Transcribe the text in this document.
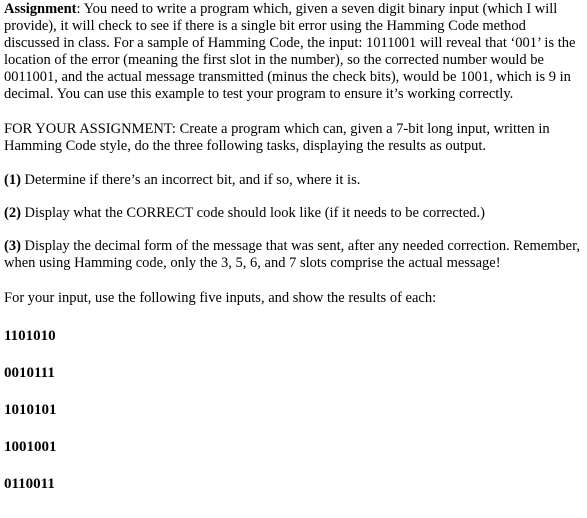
Assignment: You need to write a program which, given a seven digit binary input (which I will provide), it will check to see if there is a single bit error using the Hamming Code method discussed in class. For a sample of Hamming Code, the input: 1011001 will reveal that ‘001’ is the location of the error (meaning the first slot in the number), so the corrected number would be 0011001, and the actual message transmitted (minus the check bits), would be 1001, which is 9 in decimal. You can use this example to test your program to ensure it’s working correctly.

FOR YOUR ASSIGNMENT: Create a program which can, given a 7-bit long input, written in Hamming Code style, do the three following tasks, displaying the results as output.

(1) Determine if there’s an incorrect bit, and if so, where it is.

(2) Display what the CORRECT code should look like (if it needs to be corrected.)

(3) Display the decimal form of the message that was sent, after any needed correction. Remember, when using Hamming code, only the 3, 5, 6, and 7 slots comprise the actual message!

For your input, use the following five inputs, and show the results of each:

1101010

0010111

1010101

1001001

0110011
